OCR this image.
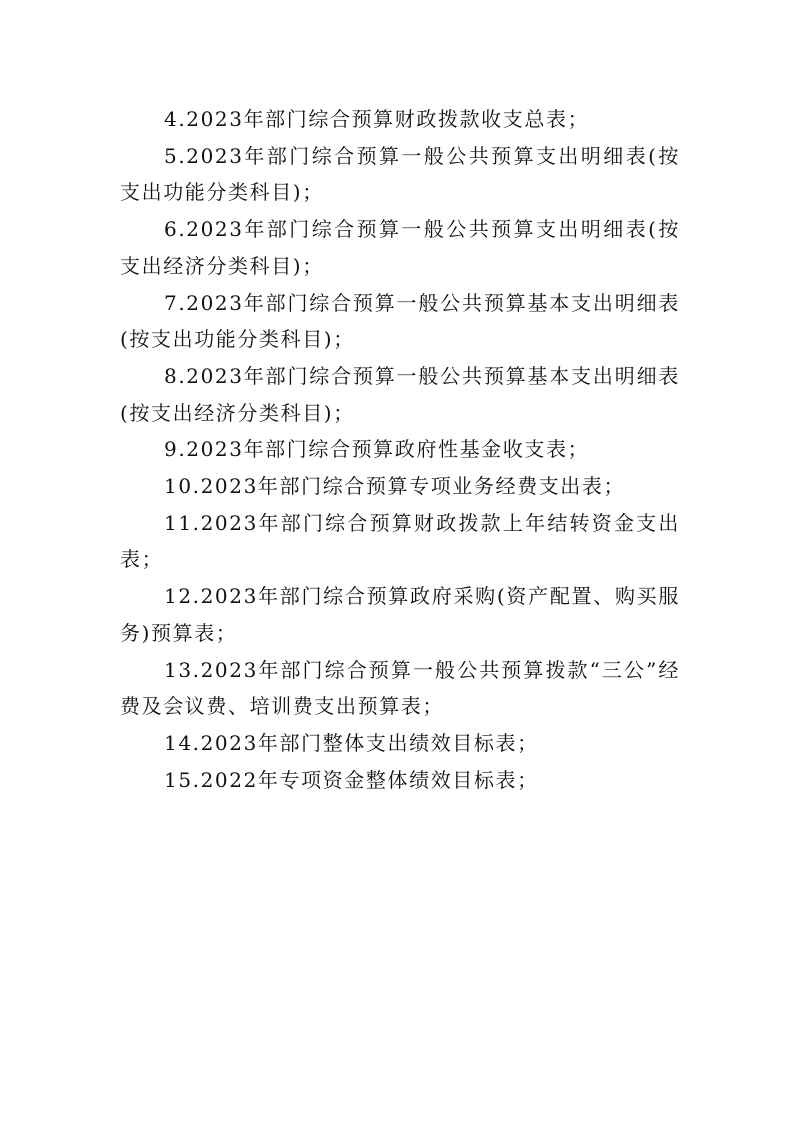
4.2023年部门综合预算财政拨款收支总表；

5.2023年部门综合预算一般公共预算支出明细表(按支出功能分类科目)；

6.2023年部门综合预算一般公共预算支出明细表(按支出经济分类科目)；

7.2023年部门综合预算一般公共预算基本支出明细表(按支出功能分类科目)；

8.2023年部门综合预算一般公共预算基本支出明细表(按支出经济分类科目)；

9.2023年部门综合预算政府性基金收支表；

10.2023年部门综合预算专项业务经费支出表；

11.2023年部门综合预算财政拨款上年结转资金支出表；

12.2023年部门综合预算政府采购(资产配置、购买服务)预算表；

13.2023年部门综合预算一般公共预算拨款“三公”经费及会议费、培训费支出预算表；

14.2023年部门整体支出绩效目标表；

15.2022年专项资金整体绩效目标表；
